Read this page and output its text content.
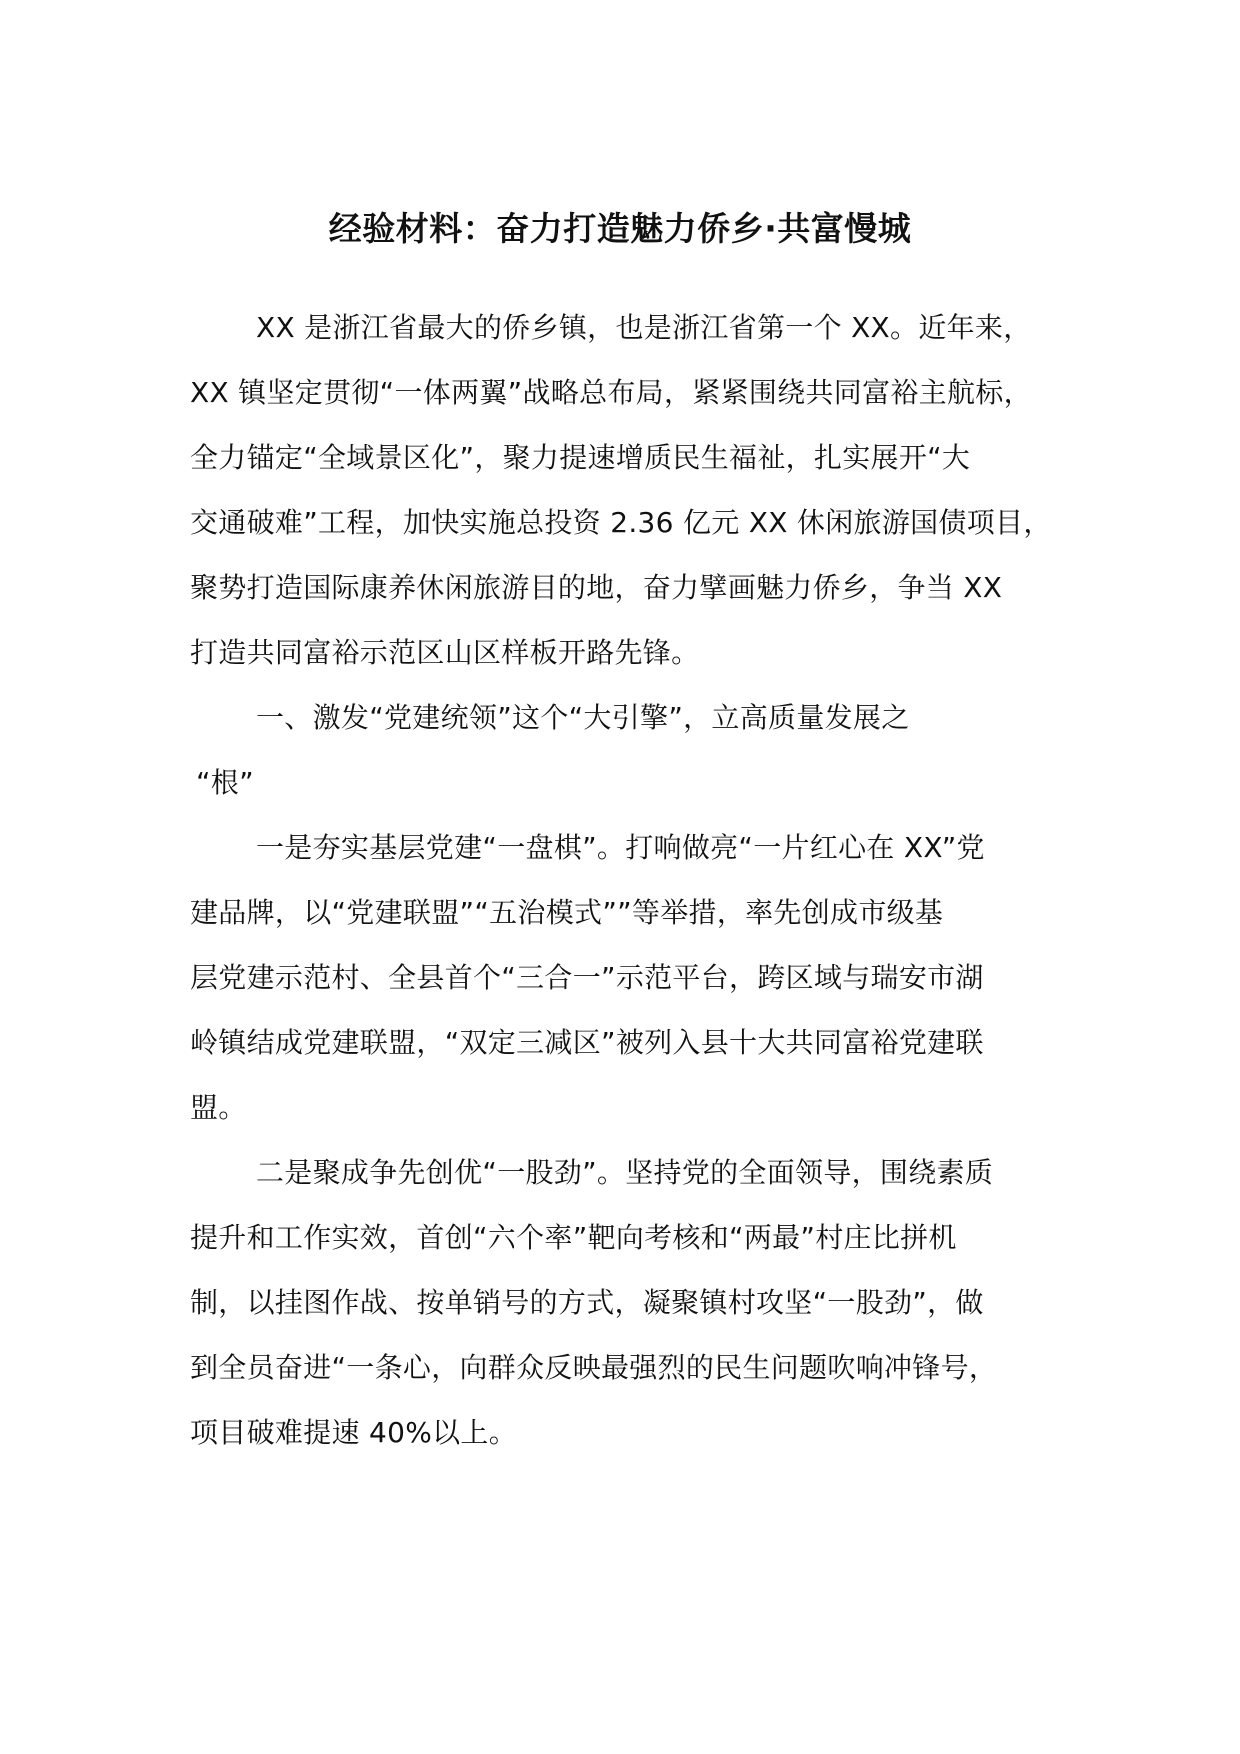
经验材料：奋力打造魅力侨乡·共富慢城
XX 是浙江省最大的侨乡镇，也是浙江省第一个 XX。近年来，
XX 镇坚定贯彻“一体两翼”战略总布局，紧紧围绕共同富裕主航标，
全力锚定“全域景区化”，聚力提速增质民生福祉，扎实展开“大
交通破难”工程，加快实施总投资 2.36 亿元 XX 休闲旅游国债项目，
聚势打造国际康养休闲旅游目的地，奋力擘画魅力侨乡，争当 XX
打造共同富裕示范区山区样板开路先锋。
一、激发“党建统领”这个“大引擎”，立高质量发展之
“根”
一是夯实基层党建“一盘棋”。打响做亮“一片红心在 XX”党
建品牌，以“党建联盟”“五治模式””等举措，率先创成市级基
层党建示范村、全县首个“三合一”示范平台，跨区域与瑞安市湖
岭镇结成党建联盟，“双定三减区”被列入县十大共同富裕党建联
盟。
二是聚成争先创优“一股劲”。坚持党的全面领导，围绕素质
提升和工作实效，首创“六个率”靶向考核和“两最”村庄比拼机
制，以挂图作战、按单销号的方式，凝聚镇村攻坚“一股劲”，做
到全员奋进“一条心，向群众反映最强烈的民生问题吹响冲锋号，
项目破难提速 40%以上。
